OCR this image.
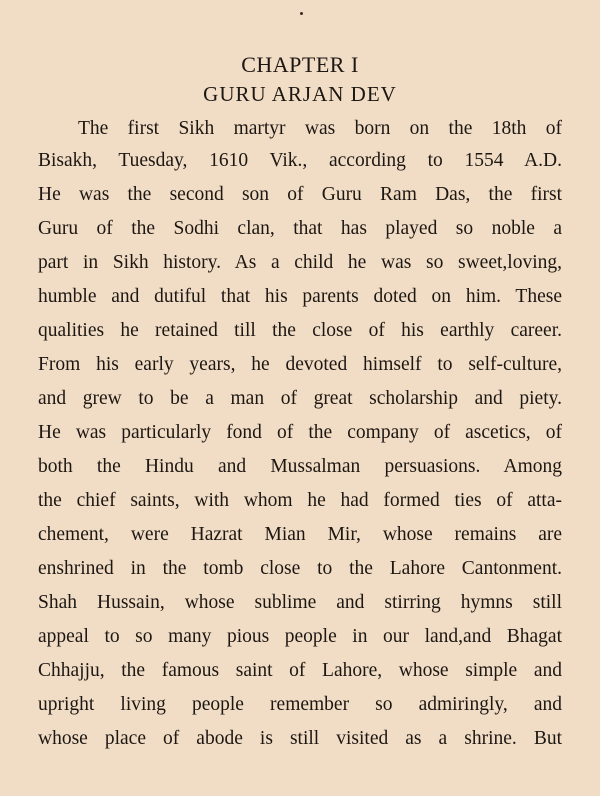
CHAPTER I
GURU ARJAN DEV
The first Sikh martyr was born on the 18th of
Bisakh, Tuesday, 1610 Vik., according to 1554 A.D.
He was the second son of Guru Ram Das, the first
Guru of the Sodhi clan, that has played so noble a
part in Sikh history. As a child he was so sweet,loving,
humble and dutiful that his parents doted on him. These
qualities he retained till the close of his earthly career.
From his early years, he devoted himself to self-culture,
and grew to be a man of great scholarship and piety.
He was particularly fond of the company of ascetics, of
both the Hindu and Mussalman persuasions. Among
the chief saints, with whom he had formed ties of atta-
chement, were Hazrat Mian Mir, whose remains are
enshrined in the tomb close to the Lahore Cantonment.
Shah Hussain, whose sublime and stirring hymns still
appeal to so many pious people in our land,and Bhagat
Chhajju, the famous saint of Lahore, whose simple and
upright living people remember so admiringly, and
whose place of abode is still visited as a shrine. But
